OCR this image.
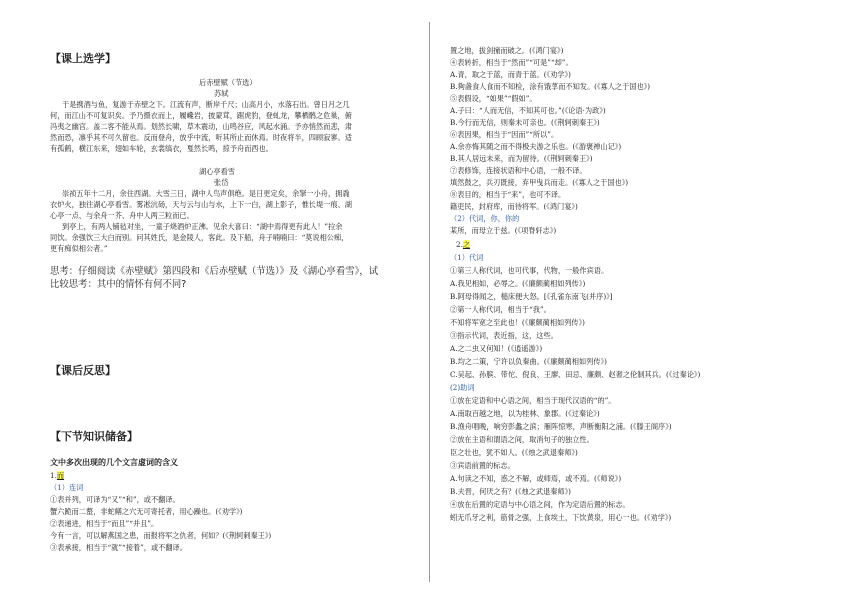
【课上选学】
后赤壁赋（节选）
苏轼
于是携酒与鱼，复游于赤壁之下。江流有声，断岸千尺；山高月小，水落石出。曾日月之几
何，而江山不可复识矣。予乃摄衣而上，履巉岩，披蒙茸，踞虎豹，登虬龙，攀栖鹘之危巢，俯
冯夷之幽宫。盖二客不能从焉。划然长啸，草木震动，山鸣谷应，风起水涌。予亦悄然而悲，肃
然而恐，凛乎其不可久留也。反而登舟，放乎中流，听其所止而休焉。时夜将半，四顾寂寥。适
有孤鹤，横江东来，翅如车轮，玄裳缟衣，戛然长鸣，掠予舟而西也。
湖心亭看雪
张岱
崇祯五年十二月，余住西湖。大雪三日，湖中人鸟声俱绝。是日更定矣，余拏一小舟，拥毳
衣炉火，独往湖心亭看雪。雾凇沆砀，天与云与山与水，上下一白，湖上影子，惟长堤一痕、湖
心亭一点、与余舟一芥、舟中人两三粒而已。
到亭上，有两人铺毡对坐，一童子烧酒炉正沸。见余大喜曰：“湖中焉得更有此人！”拉余
同饮。余强饮三大白而别。问其姓氏，是金陵人，客此。及下船，舟子喃喃曰：“莫说相公痴，
更有痴似相公者。”
思考：仔细阅读《赤壁赋》第四段和《后赤壁赋（节选）》及《湖心亭看雪》，试
比较思考：其中的情怀有何不同?
【课后反思】
【下节知识储备】
文中多次出现的几个文言虚词的含义
1.而
（1）连词
①表并列，可译为“又”“和”，或不翻译。
蟹六跪而二螯，非蛇鳝之穴无可寄托者，用心躁也。(《劝学》)
②表递进，相当于“而且”“并且”。
今有一言，可以解燕国之患，而报将军之仇者，何如？(《荆轲刺秦王》)
③表承接，相当于“就”“接着”，或不翻译。
置之地，拔剑撞而破之。(《鸿门宴》)
④表转折，相当于“然而”“可是”“却”。
A.青，取之于蓝，而青于蓝。(《劝学》)
B.夠盏食人食而不知检，涂有饿莩而不知发。(《寡人之于国也》)
⑤表假设，“如果”“假如”。
A.子曰：“人而无信，不知其可也。”(《论语·为政》)
B.今行而无信，则秦未可亲也。(《荆轲刺秦王》)
⑥表因果，相当于“因而”“所以”。
A.余亦悔其随之而不得极夫游之乐也。(《游褒禅山记》)
B.其人居远未来，而为留待。(《荆轲刺秦王》)
⑦表修饰，连接状语和中心语，一般不译。
填然鼓之，兵刃既接，弃甲曳兵而走。(《寡人之于国也》)
⑧表目的，相当于“来”，也可不译。
籍吏民，封府库，而待将军。(《鸿门宴》)
（2）代词，你，你的
某所，而母立于兹。(《项脊轩志》)
2.之
（1）代词
①第三人称代词，也可代事，代物，一般作宾语。
A.我见相如，必辱之。(《廉颇蔺相如列传》)
B.阿母得闻之，槌床便大怒。[《孔雀东南飞(并序)》]
②第一人称代词，相当于“我”。
不知将军宽之至此也！(《廉颇蔺相如列传》)
③指示代词，表近指，这，这些。
A.之二虫又何知！(《逍遥游》)
B.均之二策，宁许以负秦曲。(《廉颇蔺相如列传》)
C.吴起、孙膑、带佗、倪良、王廖、田忌、廉颇、赵奢之伦制其兵。(《过秦论》)
(2)助词
①放在定语和中心语之间，相当于现代汉语的“的”。
A.南取百越之地，以为桂林、象郡。(《过秦论》)
B.渔舟唱晚，响穷彭蠡之滨；雁阵惊寒，声断衡阳之浦。(《滕王阁序》)
②放在主语和谓语之间，取消句子的独立性。
臣之壮也，犹不如人。(《烛之武退秦师》)
③宾语前置的标志。
A.句读之不知，惑之不解，或师焉，或不焉。(《师说》)
B.夫晋，何厌之有？(《烛之武退秦师》)
④放在后置的定语与中心语之间，作为定语后置的标志。
蚓无爪牙之利，筋骨之强，上食埃土，下饮黄泉，用心一也。(《劝学》)
